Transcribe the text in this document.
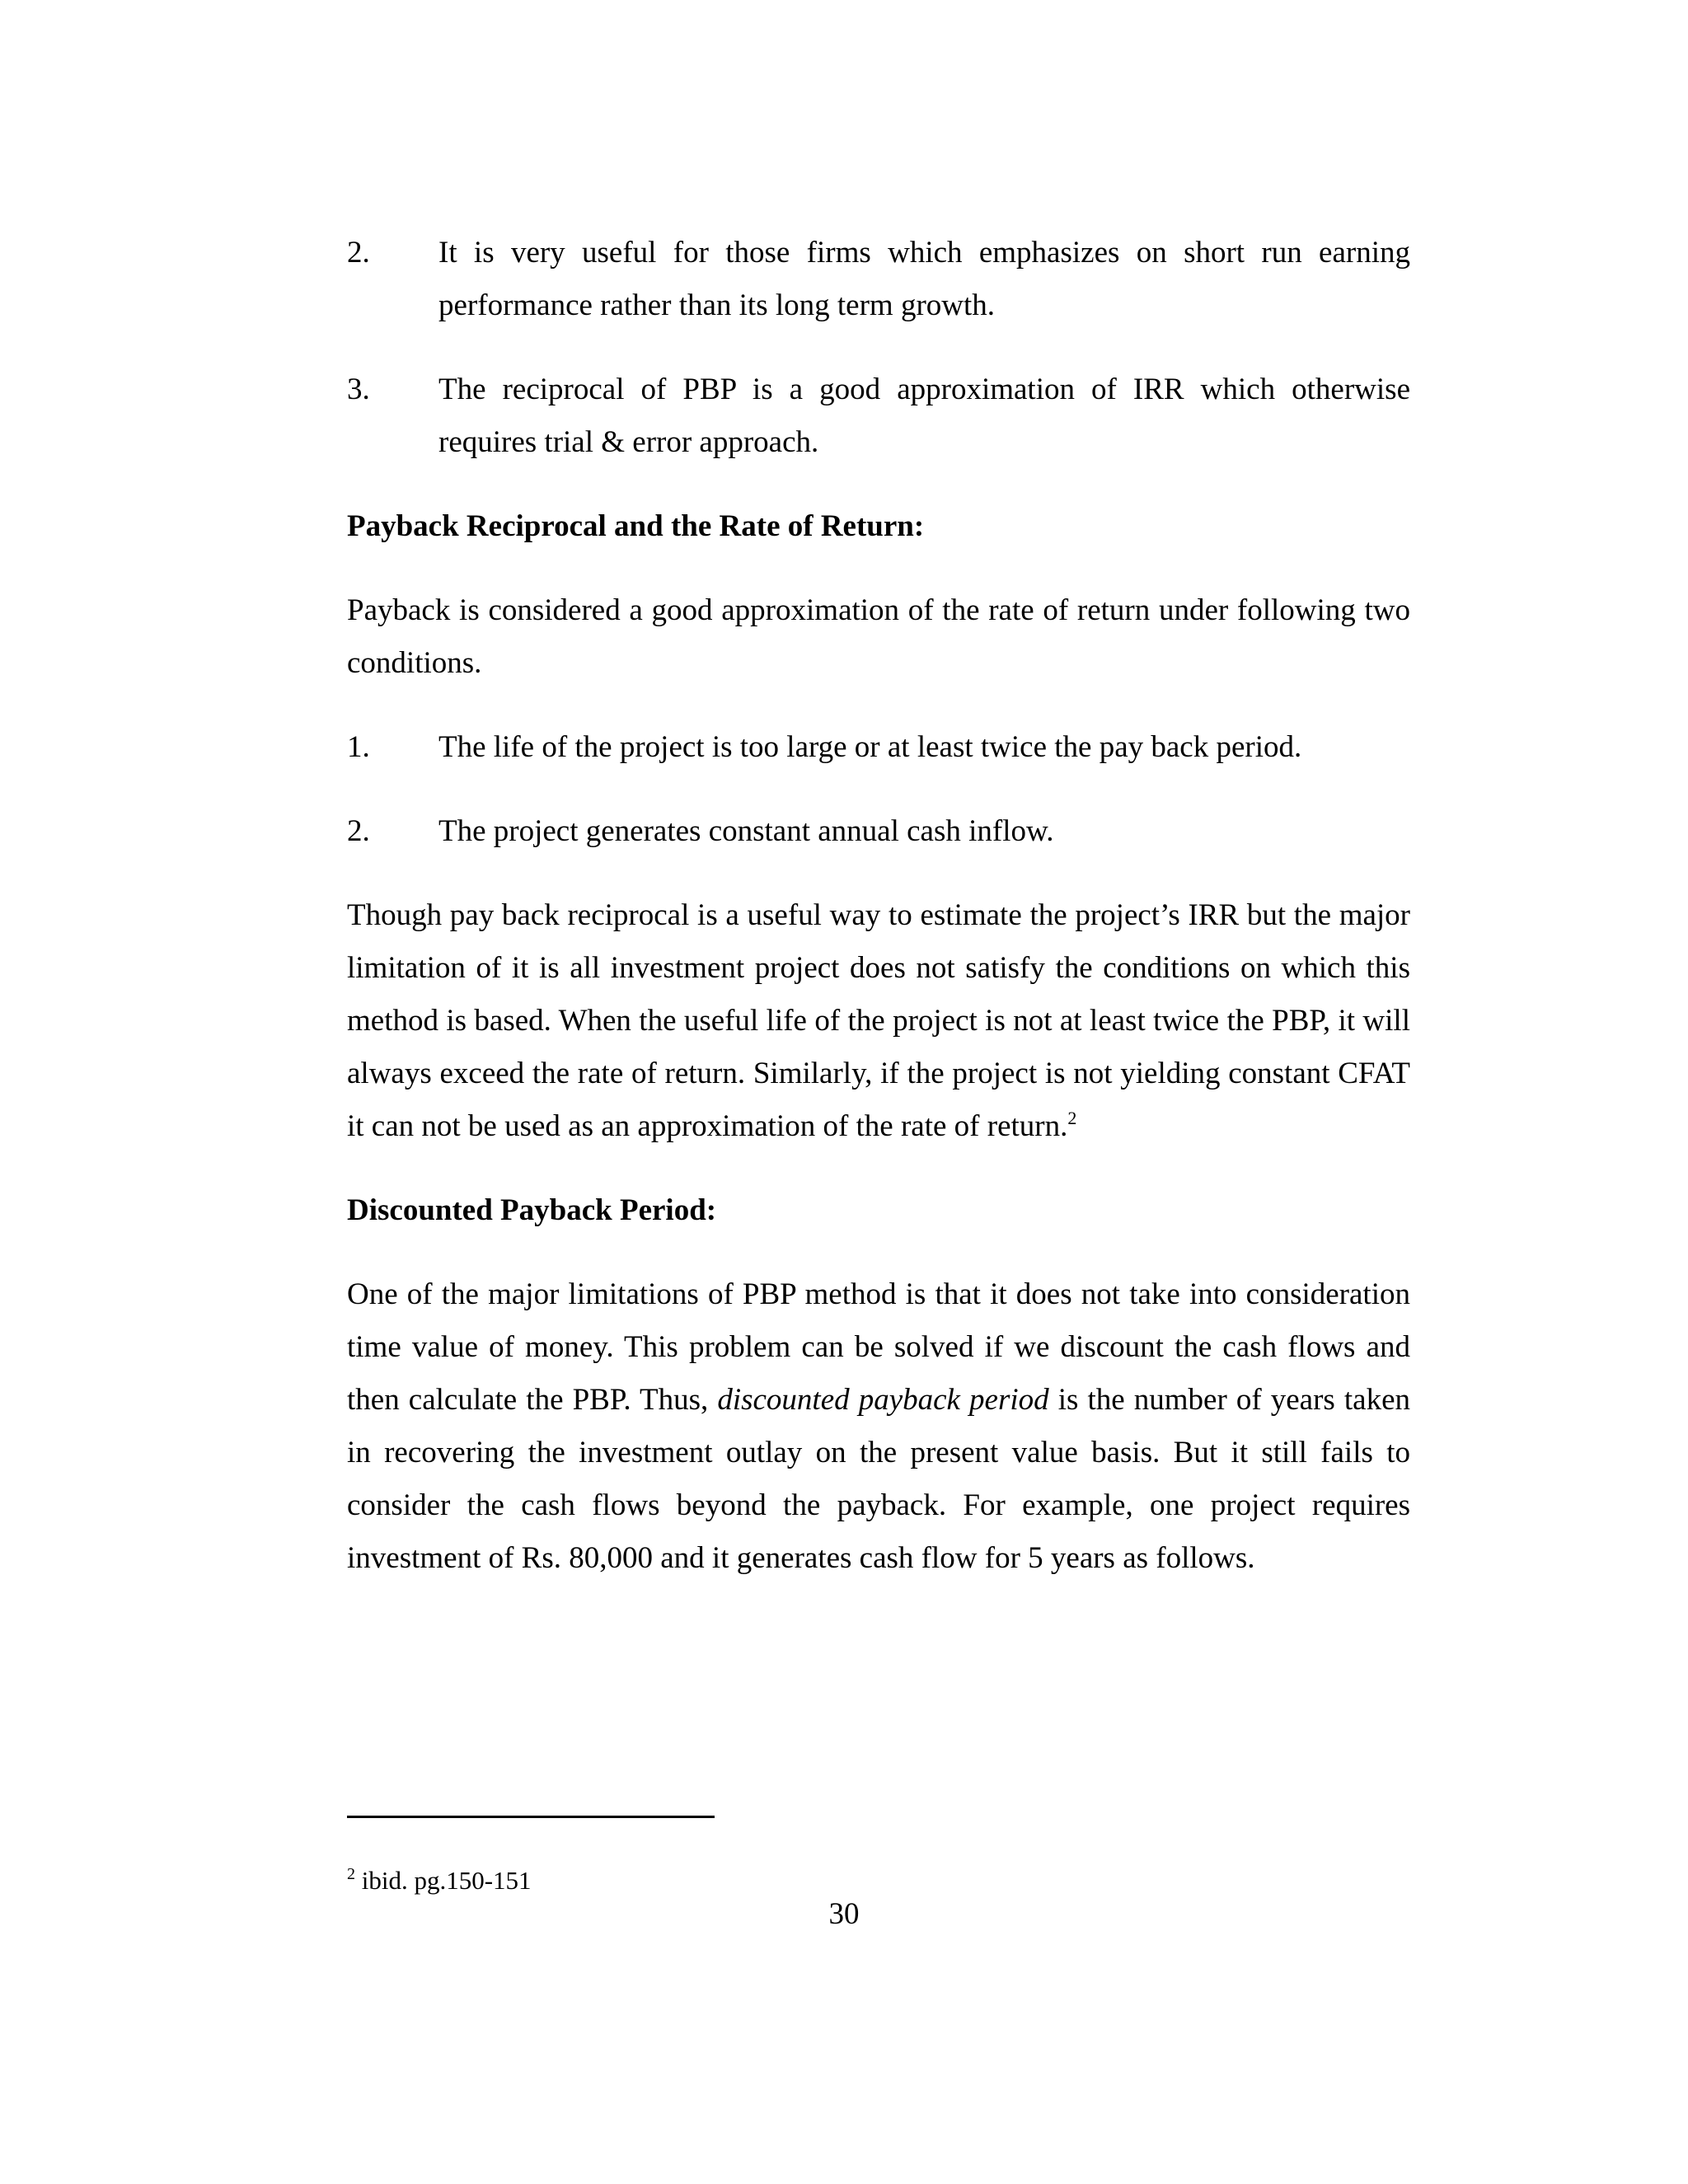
2.	It is very useful for those firms which emphasizes on short run earning performance rather than its long term growth.
3.	The reciprocal of PBP is a good approximation of IRR which otherwise requires trial & error approach.
Payback Reciprocal and the Rate of Return:
Payback is considered a good approximation of the rate of return under following two conditions.
1.	The life of the project is too large or at least twice the pay back period.
2.	The project generates constant annual cash inflow.
Though pay back reciprocal is a useful way to estimate the project’s IRR but the major limitation of it is all investment project does not satisfy the conditions on which this method is based. When the useful life of the project is not at least twice the PBP, it will always exceed the rate of return. Similarly, if the project is not yielding constant CFAT it can not be used as an approximation of the rate of return.$^2$
Discounted Payback Period:
One of the major limitations of PBP method is that it does not take into consideration time value of money. This problem can be solved if we discount the cash flows and then calculate the PBP. Thus, discounted payback period is the number of years taken in recovering the investment outlay on the present value basis. But it still fails to consider the cash flows beyond the payback. For example, one project requires investment of Rs. 80,000 and it generates cash flow for 5 years as follows.
$^2$ ibid. pg.150-151
30
